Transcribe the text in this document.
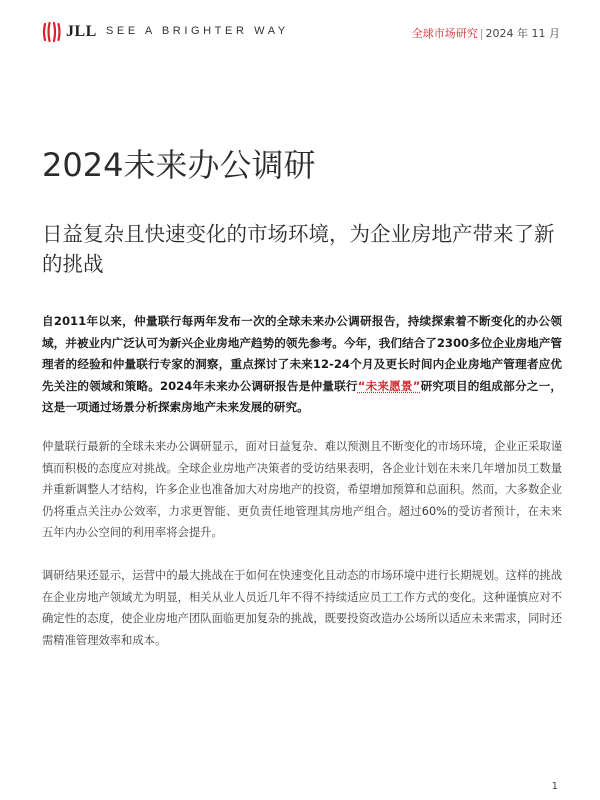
JLL SEE A BRIGHTER WAY	全球市场研究 | 2024 年 11 月
2024未来办公调研
日益复杂且快速变化的市场环境，为企业房地产带来了新的挑战

自2011年以来，仲量联行每两年发布一次的全球未来办公调研报告，持续探索着不断变化的办公领域，并被业内广泛认可为新兴企业房地产趋势的领先参考。今年，我们结合了2300多位企业房地产管理者的经验和仲量联行专家的洞察，重点探讨了未来12-24个月及更长时间内企业房地产管理者应优先关注的领域和策略。2024年未来办公调研报告是仲量联行“未来愿景”研究项目的组成部分之一，这是一项通过场景分析探索房地产未来发展的研究。

仲量联行最新的全球未来办公调研显示，面对日益复杂、难以预测且不断变化的市场环境，企业正采取谨慎而积极的态度应对挑战。全球企业房地产决策者的受访结果表明，各企业计划在未来几年增加员工数量并重新调整人才结构，许多企业也准备加大对房地产的投资，希望增加预算和总面积。然而，大多数企业仍将重点关注办公效率，力求更智能、更负责任地管理其房地产组合。超过60%的受访者预计，在未来五年内办公空间的利用率将会提升。

调研结果还显示，运营中的最大挑战在于如何在快速变化且动态的市场环境中进行长期规划。这样的挑战在企业房地产领域尤为明显，相关从业人员近几年不得不持续适应员工工作方式的变化。这种谨慎应对不确定性的态度，使企业房地产团队面临更加复杂的挑战，既要投资改造办公场所以适应未来需求，同时还需精准管理效率和成本。

1
